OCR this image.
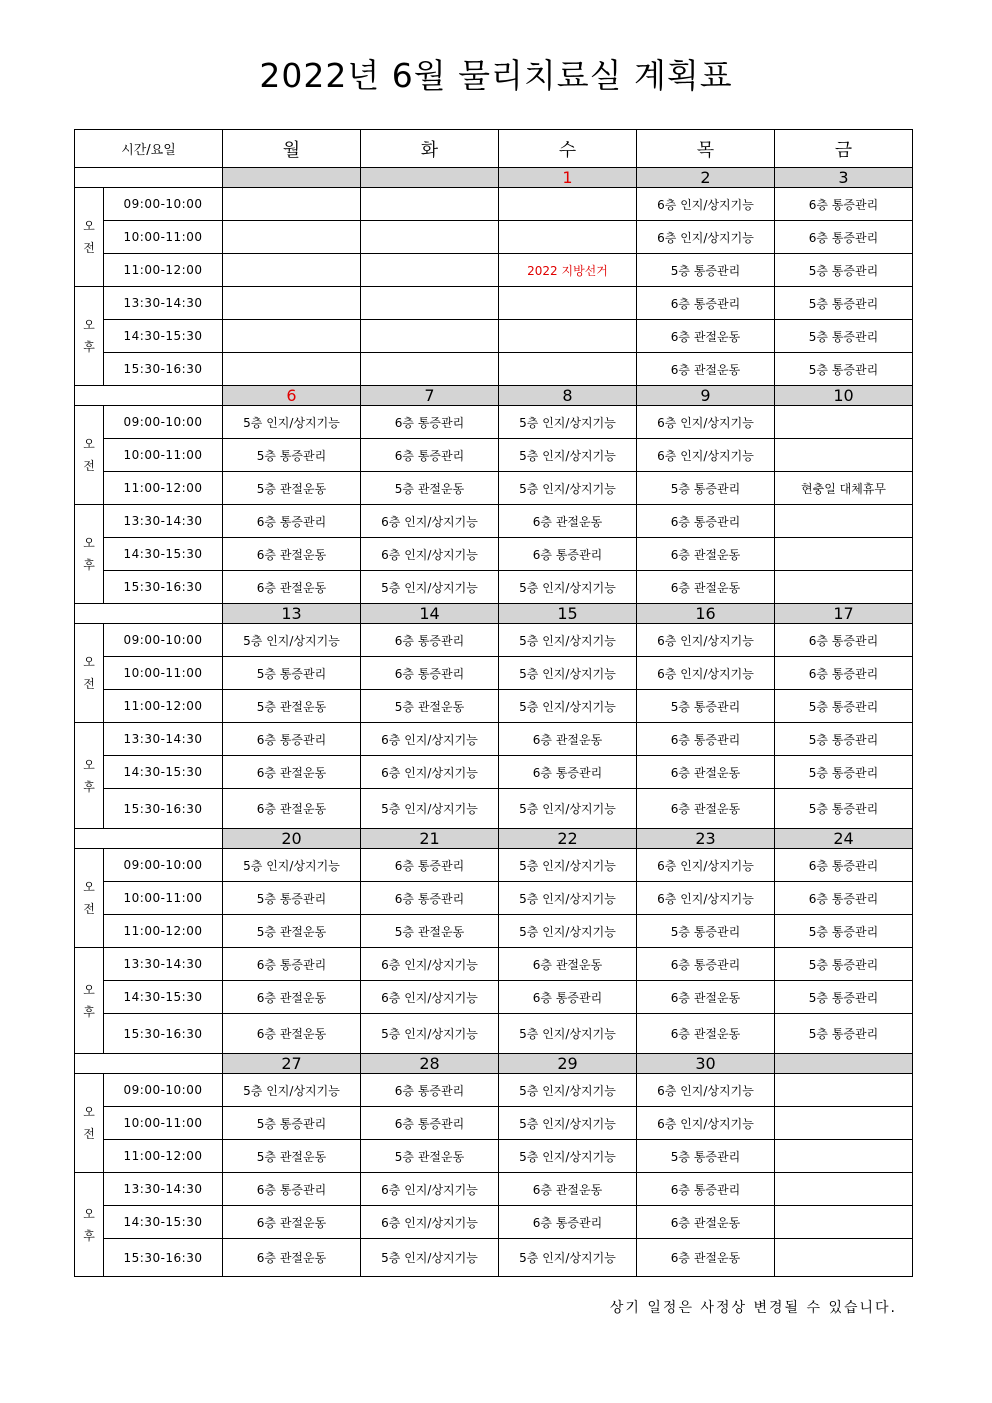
2022년 6월 물리치료실 계획표
시간/요일		월	화	수	목	금
				1	2	3

오
전	09:00-10:00				6층 인지/상지기능	6층 통증관리
	10:00-11:00				6층 인지/상지기능	6층 통증관리
	11:00-12:00			2022 지방선거	5층 통증관리	5층 통증관리

오
후	13:30-14:30				6층 통증관리	5층 통증관리
	14:30-15:30				6층 관절운동	5층 통증관리
	15:30-16:30				6층 관절운동	5층 통증관리
		6	7	8	9	10

오
전	09:00-10:00	5층 인지/상지기능	6층 통증관리	5층 인지/상지기능	6층 인지/상지기능	
	10:00-11:00	5층 통증관리	6층 통증관리	5층 인지/상지기능	6층 인지/상지기능	
	11:00-12:00	5층 관절운동	5층 관절운동	5층 인지/상지기능	5층 통증관리	현충일 대체휴무

오
후	13:30-14:30	6층 통증관리	6층 인지/상지기능	6층 관절운동	6층 통증관리	
	14:30-15:30	6층 관절운동	6층 인지/상지기능	6층 통증관리	6층 관절운동	
	15:30-16:30	6층 관절운동	5층 인지/상지기능	5층 인지/상지기능	6층 관절운동	
		13	14	15	16	17

오
전	09:00-10:00	5층 인지/상지기능	6층 통증관리	5층 인지/상지기능	6층 인지/상지기능	6층 통증관리
	10:00-11:00	5층 통증관리	6층 통증관리	5층 인지/상지기능	6층 인지/상지기능	6층 통증관리
	11:00-12:00	5층 관절운동	5층 관절운동	5층 인지/상지기능	5층 통증관리	5층 통증관리

오
후	13:30-14:30	6층 통증관리	6층 인지/상지기능	6층 관절운동	6층 통증관리	5층 통증관리
	14:30-15:30	6층 관절운동	6층 인지/상지기능	6층 통증관리	6층 관절운동	5층 통증관리
	15:30-16:30	6층 관절운동	5층 인지/상지기능	5층 인지/상지기능	6층 관절운동	5층 통증관리
		20	21	22	23	24

오
전	09:00-10:00	5층 인지/상지기능	6층 통증관리	5층 인지/상지기능	6층 인지/상지기능	6층 통증관리
	10:00-11:00	5층 통증관리	6층 통증관리	5층 인지/상지기능	6층 인지/상지기능	6층 통증관리
	11:00-12:00	5층 관절운동	5층 관절운동	5층 인지/상지기능	5층 통증관리	5층 통증관리

오
후	13:30-14:30	6층 통증관리	6층 인지/상지기능	6층 관절운동	6층 통증관리	5층 통증관리
	14:30-15:30	6층 관절운동	6층 인지/상지기능	6층 통증관리	6층 관절운동	5층 통증관리
	15:30-16:30	6층 관절운동	5층 인지/상지기능	5층 인지/상지기능	6층 관절운동	5층 통증관리
		27	28	29	30	

오
전	09:00-10:00	5층 인지/상지기능	6층 통증관리	5층 인지/상지기능	6층 인지/상지기능	
	10:00-11:00	5층 통증관리	6층 통증관리	5층 인지/상지기능	6층 인지/상지기능	
	11:00-12:00	5층 관절운동	5층 관절운동	5층 인지/상지기능	5층 통증관리	

오
후	13:30-14:30	6층 통증관리	6층 인지/상지기능	6층 관절운동	6층 통증관리	
	14:30-15:30	6층 관절운동	6층 인지/상지기능	6층 통증관리	6층 관절운동	
	15:30-16:30	6층 관절운동	5층 인지/상지기능	5층 인지/상지기능	6층 관절운동	
상기 일정은 사정상 변경될 수 있습니다.
